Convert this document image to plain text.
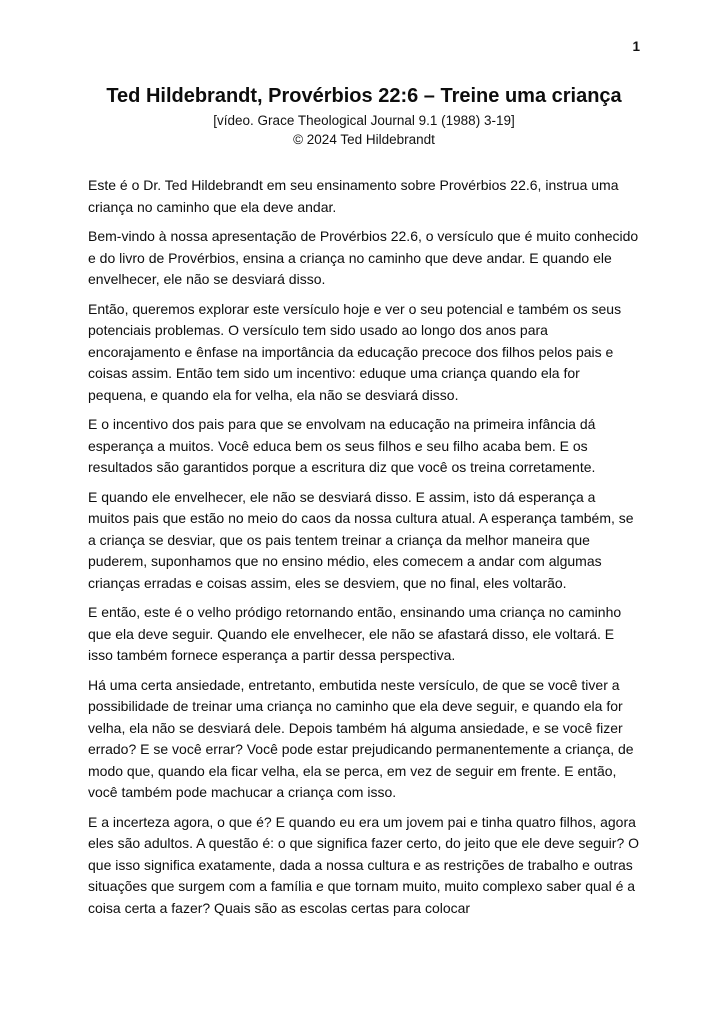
1
Ted Hildebrandt, Provérbios 22:6 – Treine uma criança
[vídeo. Grace Theological Journal 9.1 (1988) 3-19]
© 2024 Ted Hildebrandt

Este é o Dr. Ted Hildebrandt em seu ensinamento sobre Provérbios 22.6, instrua uma criança no caminho que ela deve andar.

Bem-vindo à nossa apresentação de Provérbios 22.6, o versículo que é muito conhecido e do livro de Provérbios, ensina a criança no caminho que deve andar. E quando ele envelhecer, ele não se desviará disso.

Então, queremos explorar este versículo hoje e ver o seu potencial e também os seus potenciais problemas. O versículo tem sido usado ao longo dos anos para encorajamento e ênfase na importância da educação precoce dos filhos pelos pais e coisas assim. Então tem sido um incentivo: eduque uma criança quando ela for pequena, e quando ela for velha, ela não se desviará disso.

E o incentivo dos pais para que se envolvam na educação na primeira infância dá esperança a muitos. Você educa bem os seus filhos e seu filho acaba bem. E os resultados são garantidos porque a escritura diz que você os treina corretamente.

E quando ele envelhecer, ele não se desviará disso. E assim, isto dá esperança a muitos pais que estão no meio do caos da nossa cultura atual. A esperança também, se a criança se desviar, que os pais tentem treinar a criança da melhor maneira que puderem, suponhamos que no ensino médio, eles comecem a andar com algumas crianças erradas e coisas assim, eles se desviem, que no final, eles voltarão.

E então, este é o velho pródigo retornando então, ensinando uma criança no caminho que ela deve seguir. Quando ele envelhecer, ele não se afastará disso, ele voltará. E isso também fornece esperança a partir dessa perspectiva.

Há uma certa ansiedade, entretanto, embutida neste versículo, de que se você tiver a possibilidade de treinar uma criança no caminho que ela deve seguir, e quando ela for velha, ela não se desviará dele. Depois também há alguma ansiedade, e se você fizer errado? E se você errar? Você pode estar prejudicando permanentemente a criança, de modo que, quando ela ficar velha, ela se perca, em vez de seguir em frente. E então, você também pode machucar a criança com isso.

E a incerteza agora, o que é? E quando eu era um jovem pai e tinha quatro filhos, agora eles são adultos. A questão é: o que significa fazer certo, do jeito que ele deve seguir? O que isso significa exatamente, dada a nossa cultura e as restrições de trabalho e outras situações que surgem com a família e que tornam muito, muito complexo saber qual é a coisa certa a fazer? Quais são as escolas certas para colocar
